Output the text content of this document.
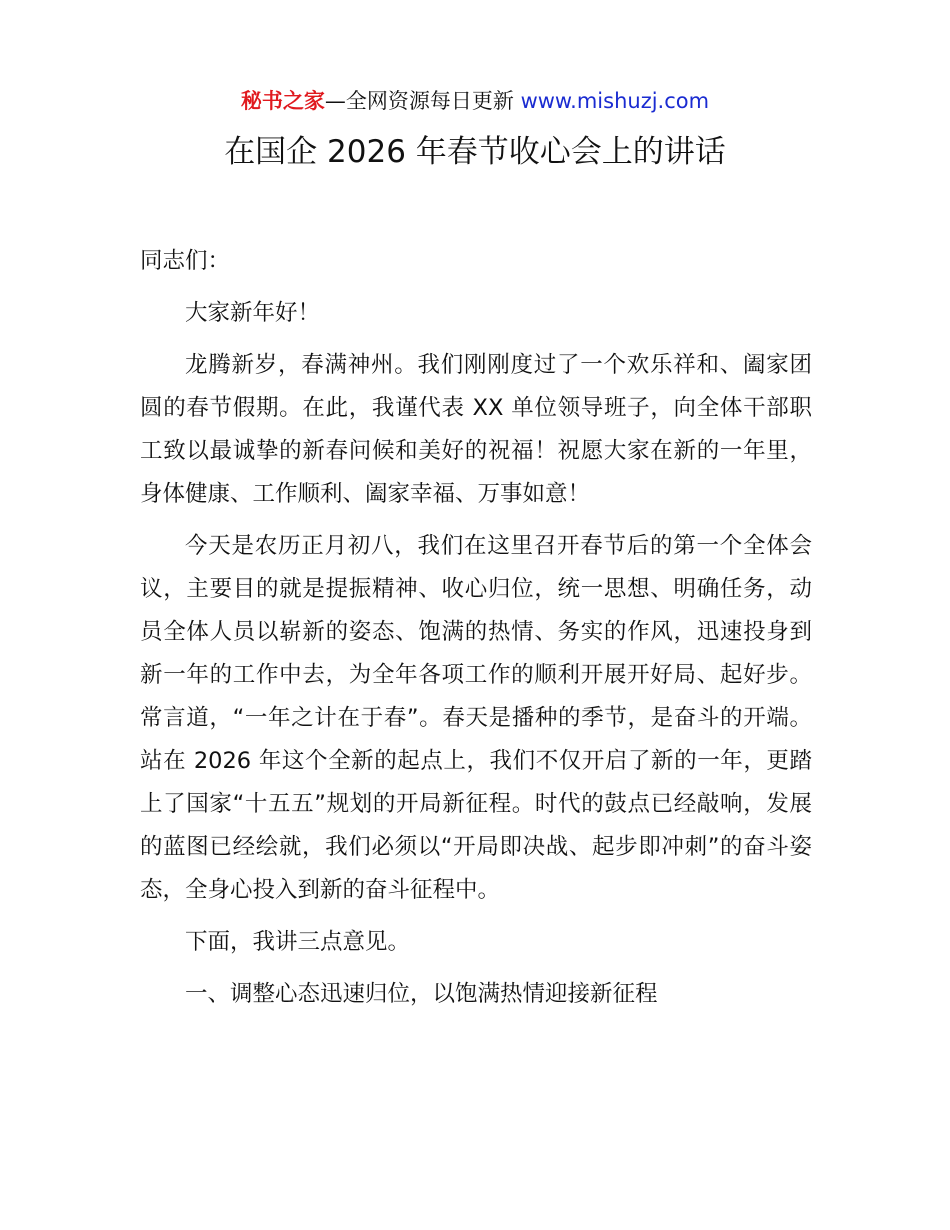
秘书之家—全网资源每日更新 www.mishuzj.com
在国企 2026 年春节收心会上的讲话

同志们：

大家新年好！

龙腾新岁，春满神州。我们刚刚度过了一个欢乐祥和、阖家团圆的春节假期。在此，我谨代表 XX 单位领导班子，向全体干部职工致以最诚挚的新春问候和美好的祝福！祝愿大家在新的一年里，身体健康、工作顺利、阖家幸福、万事如意！

今天是农历正月初八，我们在这里召开春节后的第一个全体会议，主要目的就是提振精神、收心归位，统一思想、明确任务，动员全体人员以崭新的姿态、饱满的热情、务实的作风，迅速投身到新一年的工作中去，为全年各项工作的顺利开展开好局、起好步。常言道，“一年之计在于春”。春天是播种的季节，是奋斗的开端。站在 2026 年这个全新的起点上，我们不仅开启了新的一年，更踏上了国家“十五五”规划的开局新征程。时代的鼓点已经敲响，发展的蓝图已经绘就，我们必须以“开局即决战、起步即冲刺”的奋斗姿态，全身心投入到新的奋斗征程中。

下面，我讲三点意见。

一、调整心态迅速归位，以饱满热情迎接新征程
